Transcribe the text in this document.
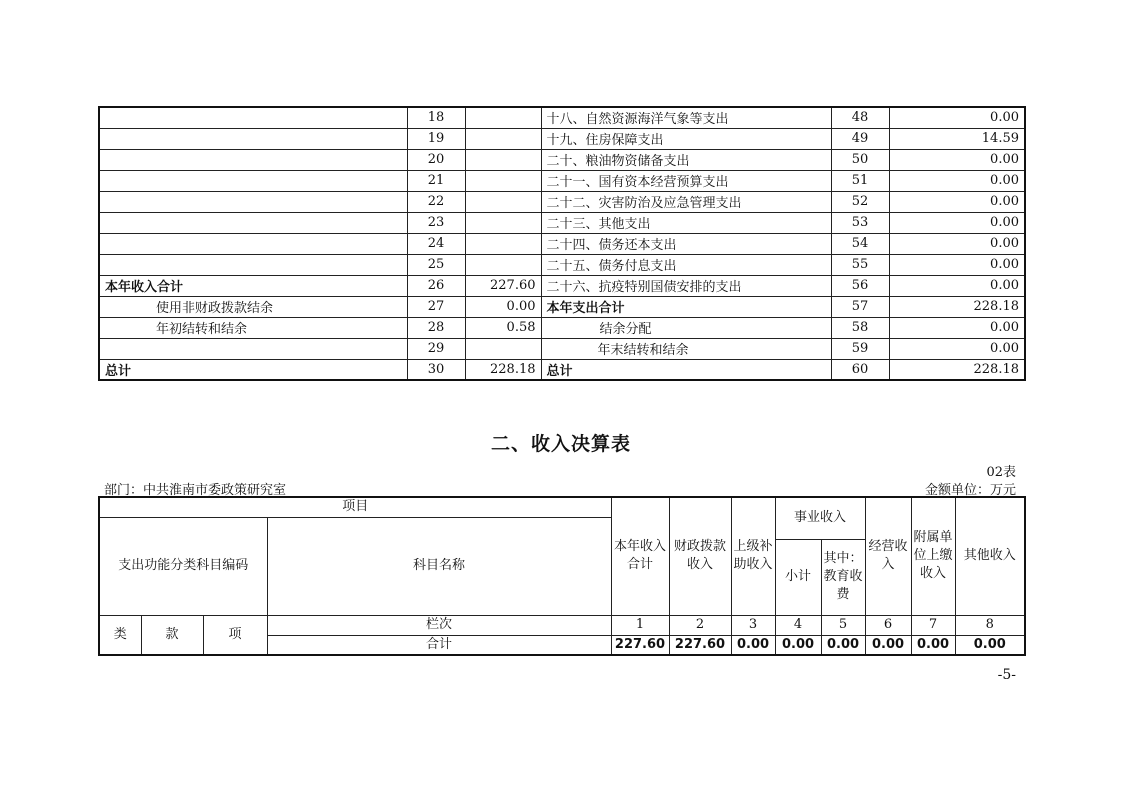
	18		十八、自然资源海洋气象等支出	48	0.00
	19		十九、住房保障支出	49	14.59
	20		二十、粮油物资储备支出	50	0.00
	21		二十一、国有资本经营预算支出	51	0.00
	22		二十二、灾害防治及应急管理支出	52	0.00
	23		二十三、其他支出	53	0.00
	24		二十四、债务还本支出	54	0.00
	25		二十五、债务付息支出	55	0.00
本年收入合计	26	227.60	二十六、抗疫特别国债安排的支出	56	0.00
使用非财政拨款结余	27	0.00	本年支出合计	57	228.18
年初结转和结余	28	0.58	结余分配	58	0.00
	29		年末结转和结余	59	0.00
总计	30	228.18	总计	60	228.18
二、收入决算表
02表
部门：中共淮南市委政策研究室	金额单位：万元
项目				本年收入合计	财政拨款收入	上级补助收入	事业收入		经营收入	附属单位上缴收入	其他收入
支出功能分类科目编码			科目名称								
							小计	其中：教育收费			
类	款	项	栏次	1	2	3	4	5	6	7	8
			合计	227.60	227.60	0.00	0.00	0.00	0.00	0.00	0.00
-5-
